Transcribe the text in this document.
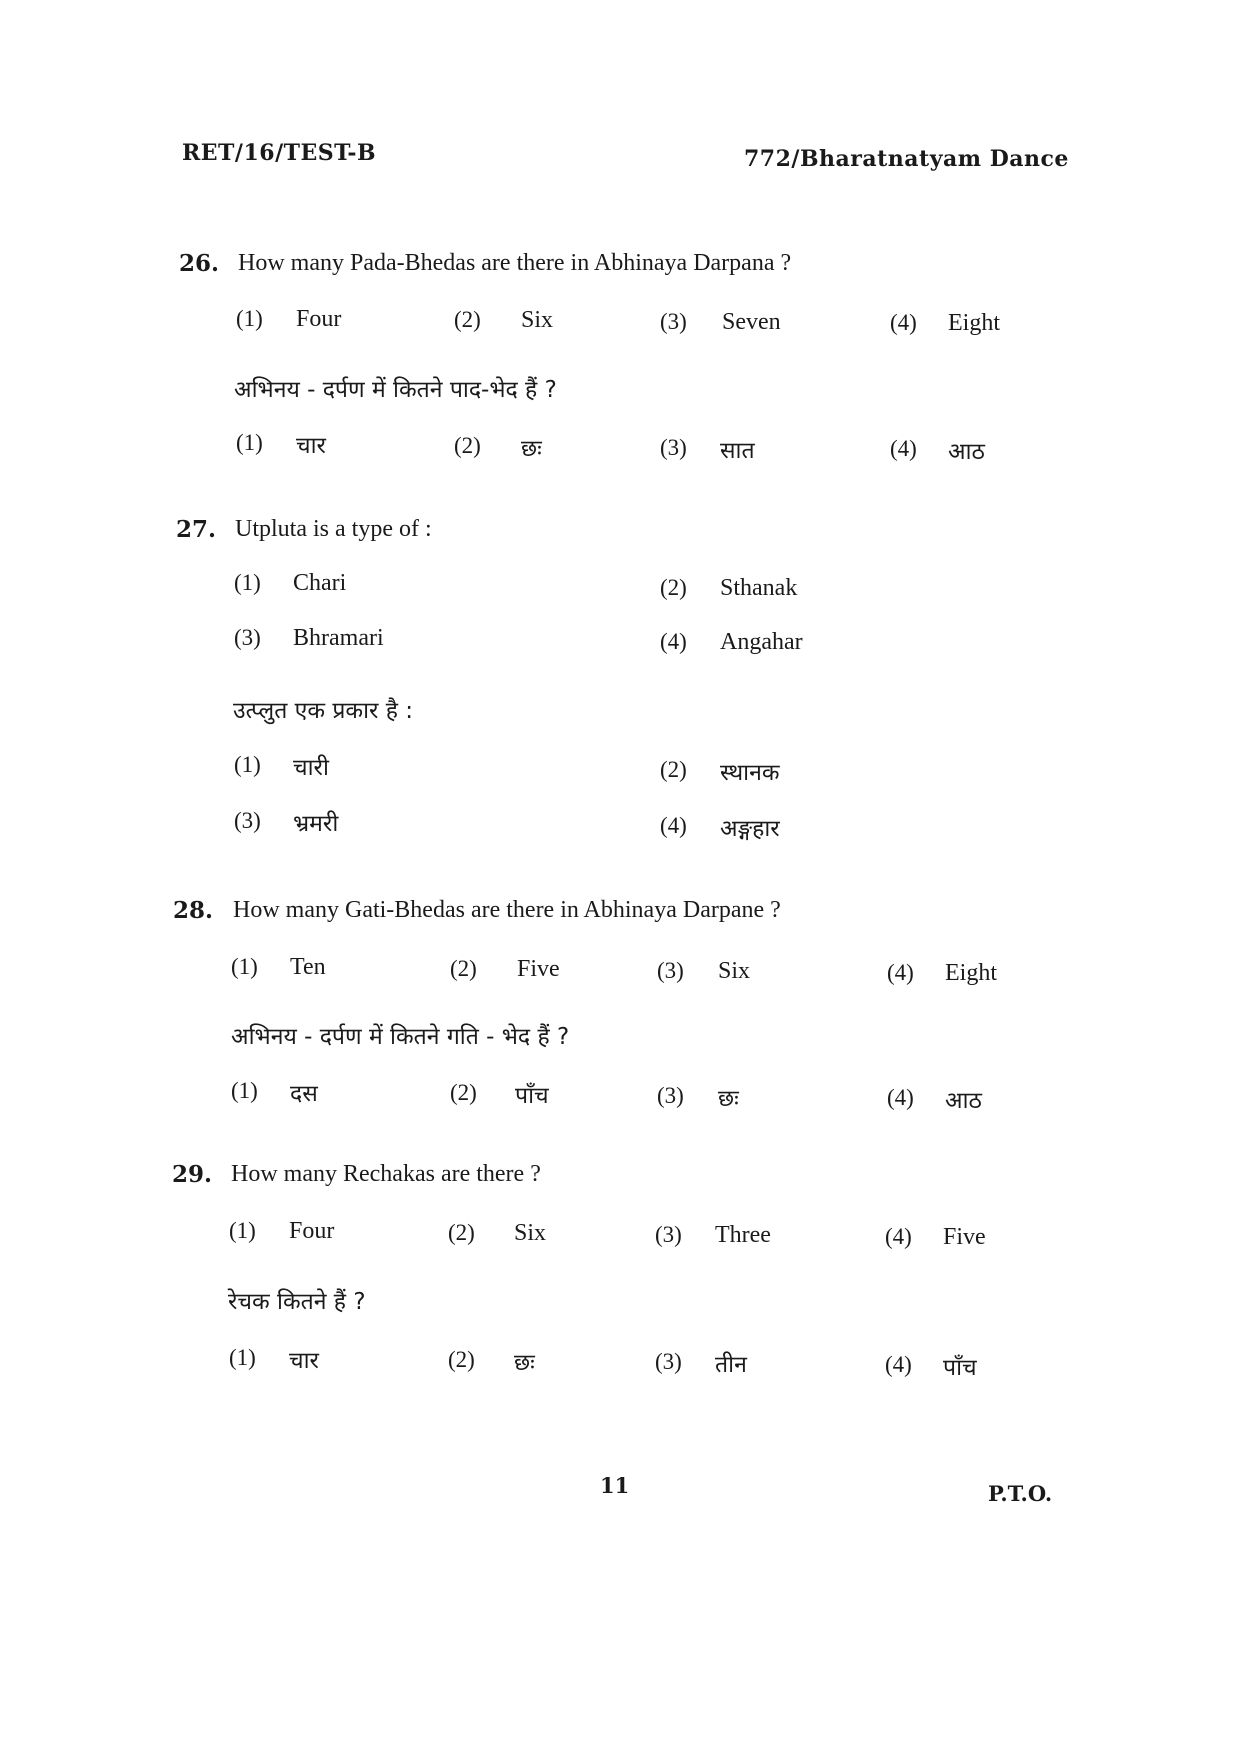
RET/16/TEST-B	772/Bharatnatyam Dance
26. How many Pada-Bhedas are there in Abhinaya Darpana ?
(1) Four	(2) Six	(3) Seven	(4) Eight
अभिनय - दर्पण में कितने पाद-भेद हैं ?
(1) चार	(2) छः	(3) सात	(4) आठ
27. Utpluta is a type of :
(1) Chari	(2) Sthanak
(3) Bhramari	(4) Angahar
उत्प्लुत एक प्रकार है :
(1) चारी	(2) स्थानक
(3) भ्रमरी	(4) अङ्गहार
28. How many Gati-Bhedas are there in Abhinaya Darpane ?
(1) Ten	(2) Five	(3) Six	(4) Eight
अभिनय - दर्पण में कितने गति - भेद हैं ?
(1) दस	(2) पाँच	(3) छः	(4) आठ
29. How many Rechakas are there ?
(1) Four	(2) Six	(3) Three	(4) Five
रेचक कितने हैं ?
(1) चार	(2) छः	(3) तीन	(4) पाँच
11	P.T.O.
